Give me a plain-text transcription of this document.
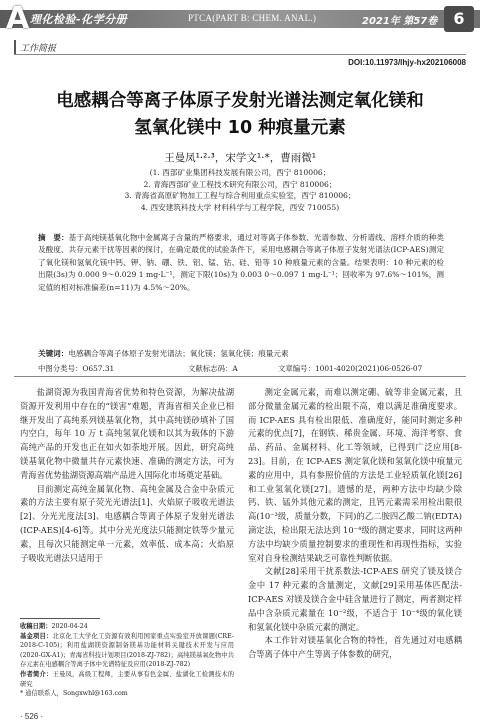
A 理化检验-化学分册	PTCA(PART B: CHEM. ANAL.)	2021年 第57卷	6
工作简报
DOI:10.11973/lhjy-hx202106008
电感耦合等离子体原子发射光谱法测定氧化镁和
氢氧化镁中 10 种痕量元素
王曼凤¹·²·³，宋学文¹·*，曹雨微¹
(1. 西部矿业集团科技发展有限公司，西宁 810006；
2. 青海西部矿业工程技术研究有限公司，西宁 810006；
3. 青海省高原矿物加工工程与综合利用重点实验室，西宁 810006；
4. 西安建筑科技大学 材料科学与工程学院，西安 710055)
摘　要：基于高纯镁基氧化物中金属离子含量的严格要求，通过对等离子体参数、光谱参数、分析谱线、溶样介质的种类及酸度、共存元素干扰等因素的探讨，在确定最优的试验条件下，采用电感耦合等离子体原子发射光谱法(ICP-AES)测定了氧化镁和氢氧化镁中钙、钾、钠、硼、铁、铝、锰、钴、硅、铅等 10 种痕量元素的含量。结果表明：10 种元素的检出限(3s)为 0.000 9～0.029 1 mg·L⁻¹，测定下限(10s)为 0.003 0～0.097 1 mg·L⁻¹；回收率为 97.6%～101%，测定值的相对标准偏差(n=11)为 4.5%～20%。
关键词：电感耦合等离子体原子发射光谱法；氧化镁；氢氧化镁；痕量元素
中图分类号：O657.31	文献标志码：A	文章编号：1001-4020(2021)06-0526-07

盐湖资源为我国青海省优势和特色资源，为解决盐湖资源开发利用中存在的“镁害”难题，青海省相关企业已相继开发出了高纯系列镁基氧化物，其中高纯镁砂填补了国内空白，每年 10 万 t 高纯氢氧化镁和以其为载体的下游高纯产品的开发也正在如火如荼地开展。因此，研究高纯镁基氧化物中微量共存元素快速、准确的测定方法，可为青海省优势盐湖资源高端产品进入国际化市场奠定基础。

目前测定高纯金属氧化物、高纯金属及合金中杂质元素的方法主要有原子荧光光谱法[1]、火焰原子吸收光谱法[2]、分光光度法[3]、电感耦合等离子体原子发射光谱法(ICP-AES)[4-6]等。其中分光光度法只能测定铁等少量元素，且每次只能测定单一元素，效率低、成本高；火焰原子吸收光谱法只适用于

测定金属元素，而难以测定硼、硫等非金属元素，且部分微量金属元素的检出限不高，难以满足准确度要求。而 ICP-AES 具有检出限低、准确度好，能同时测定多种元素的优点[7]，在钢铁、稀贵金属、环境、海洋考察、食品、药品、金属材料、化工等领域，已得到广泛应用[8-23]。目前，在 ICP-AES 测定氧化镁和氢氧化镁中痕量元素的应用中，具有参照价值的方法是工业轻质氧化镁[26]和工业氢氧化镁[27]。遗憾的是，两种方法中均缺少除钙、铁、锰外其他元素的测定，且钙元素需采用检出限很高(10⁻³级，质量分数，下同)的乙二胺四乙酸二钠(EDTA)滴定法，检出限无法达到 10⁻⁴级的测定要求，同时这两种方法中均缺少质量控制要求的重现性和再现性指标，实验室对自身检测结果缺乏可靠性判断依据。

文献[28]采用干扰系数法-ICP-AES 研究了镁及镁合金中 17 种元素的含量测定，文献[29]采用基体匹配法-ICP-AES 对镁及镁合金中硅含量进行了测定，两者测定样品中含杂质元素量在 10⁻²级，不适合于 10⁻⁴级的氧化镁和氢氧化镁中杂质元素的测定。

本工作针对镁基氧化合物的特性，首先通过对电感耦合等离子体中产生等离子体参数的研究，

收稿日期：2020-04-24
基金项目：北京化工大学化工资源有效利用国家重点实验室开放课题(CRE-2018-C-105)；利用盐湖镁资源制备镁基功能材料关键技术开发与应用(2020-GX-A1)；青海省科技计划项目(2018-ZJ-782)；高纯镁基氧化物中共存元素在电感耦合等离子体中光谱特征及应用(2018-ZJ-782)
作者简介：王曼凤，高级工程师，主要从事有色金属、盐湖化工检测技术的研究
* 通信联系人，Songxwhl@163.com
· 526 ·
